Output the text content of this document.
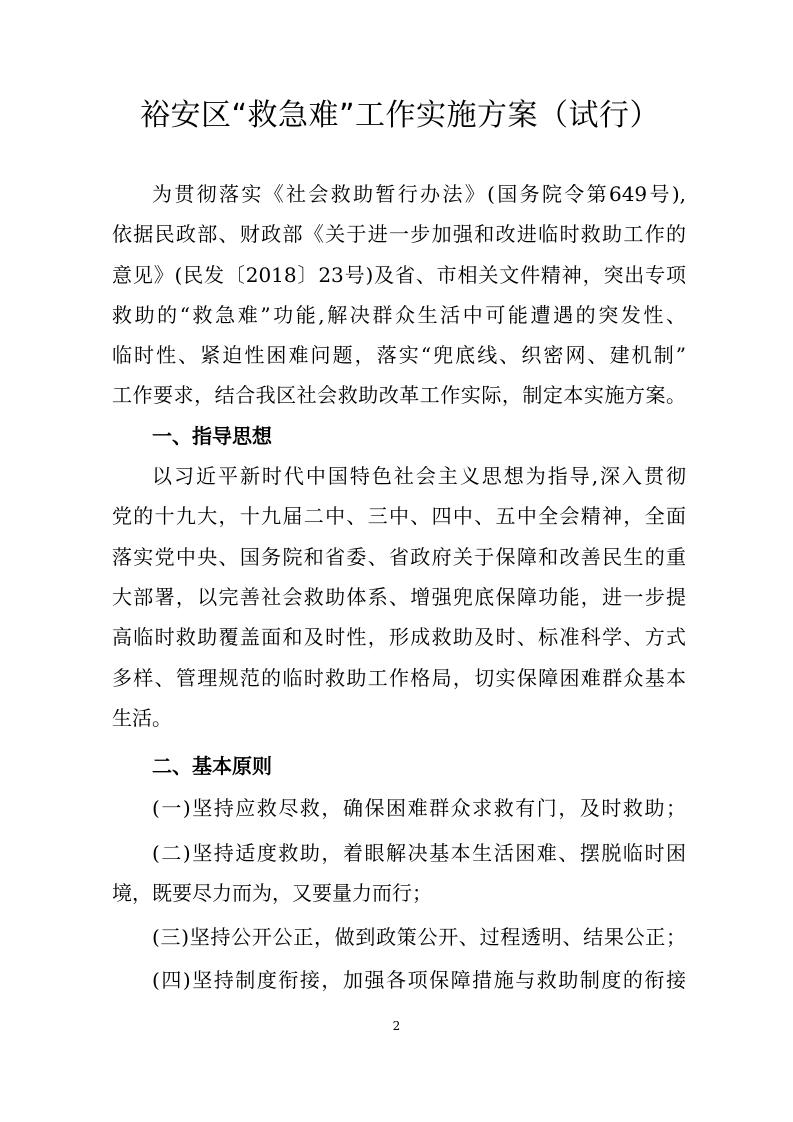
裕安区“救急难”工作实施方案（试行）
为贯彻落实《社会救助暂行办法》(国务院令第649号),
依据民政部、财政部《关于进一步加强和改进临时救助工作的
意见》(民发〔2018〕23号)及省、市相关文件精神，突出专项
救助的“救急难”功能,解决群众生活中可能遭遇的突发性、
临时性、紧迫性困难问题，落实“兜底线、织密网、建机制”
工作要求，结合我区社会救助改革工作实际，制定本实施方案。
一、指导思想
以习近平新时代中国特色社会主义思想为指导,深入贯彻
党的十九大，十九届二中、三中、四中、五中全会精神，全面
落实党中央、国务院和省委、省政府关于保障和改善民生的重
大部署，以完善社会救助体系、增强兜底保障功能，进一步提
高临时救助覆盖面和及时性，形成救助及时、标准科学、方式
多样、管理规范的临时救助工作格局，切实保障困难群众基本
生活。
二、基本原则
(一)坚持应救尽救，确保困难群众求救有门，及时救助；
(二)坚持适度救助，着眼解决基本生活困难、摆脱临时困
境，既要尽力而为，又要量力而行；
(三)坚持公开公正，做到政策公开、过程透明、结果公正；
(四)坚持制度衔接，加强各项保障措施与救助制度的衔接
2
